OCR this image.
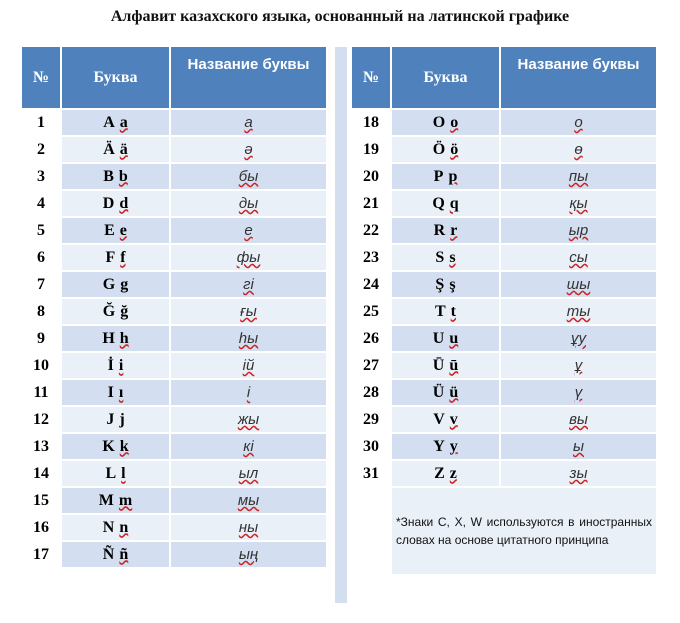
Алфавит казахского языка, основанный на латинской графике
№	Буква	Название буквы
1	A a	а
2	Ä ä	ә
3	B b	бы
4	D d	ды
5	E e	е
6	F f	фы
7	G g	гі
8	Ğ ğ	ғы
9	H h	һы
10	İ i	ій
11	I ı	і
12	J j	жы
13	K k	кі
14	L l	ыл
15	M m	мы
16	N n	ны
17	Ñ ñ	ың
№	Буква	Название буквы
18	O o	о
19	Ö ö	ө
20	P p	пы
21	Q q	қы
22	R r	ыр
23	S s	сы
24	Ş ş	шы
25	T t	ты
26	U u	ұу
27	Ū ū	ұ
28	Ü ü	ү
29	V v	вы
30	Y y	ы
31	Z z	зы
	*Знаки C, X, W используются в иностранных словах на основе цитатного принципа	
